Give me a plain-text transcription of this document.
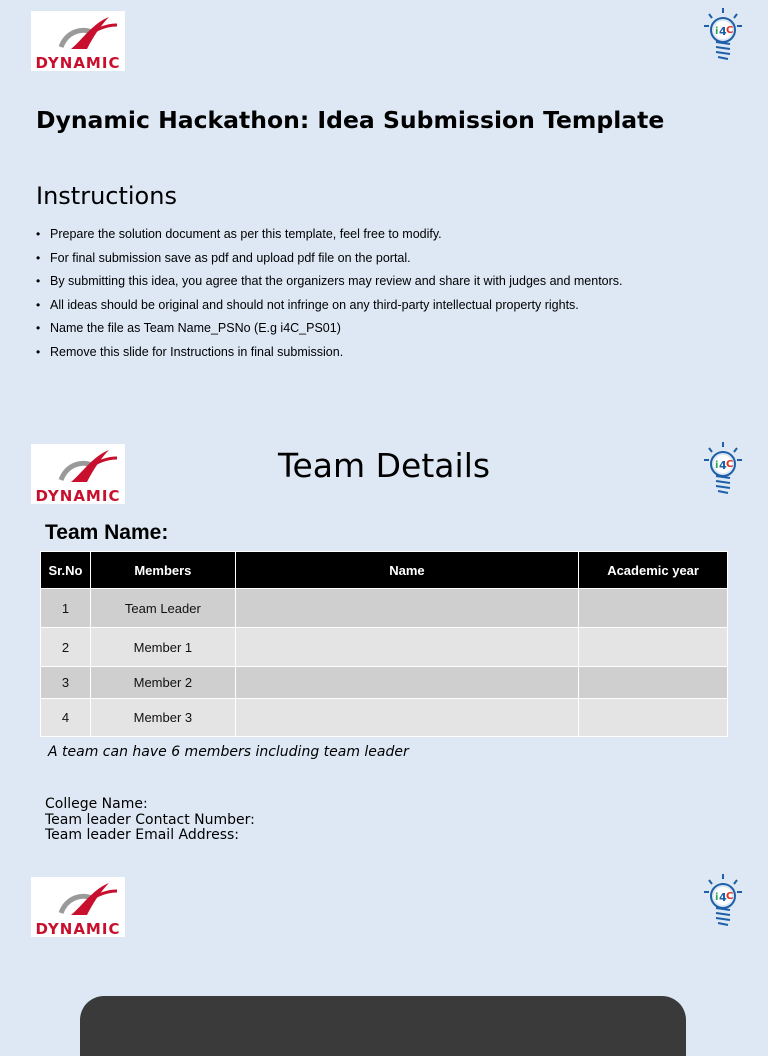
DYNAMIC
i 4 C
Dynamic Hackathon: Idea Submission Template
Instructions
• Prepare the solution document as per this template, feel free to modify.
• For final submission save as pdf and upload pdf file on the portal.
• By submitting this idea, you agree that the organizers may review and share it with judges and mentors.
• All ideas should be original and should not infringe on any third-party intellectual property rights.
• Name the file as Team Name_PSNo (E.g i4C_PS01)
• Remove this slide for Instructions in final submission.
DYNAMIC
i 4 C
Team Details
Team Name:
Sr.No	Members	Name	Academic year
1	Team Leader		
2	Member 1		
3	Member 2		
4	Member 3		
A team can have 6 members including team leader
College Name:
Team leader Contact Number:
Team leader Email Address:
DYNAMIC
i 4 C
